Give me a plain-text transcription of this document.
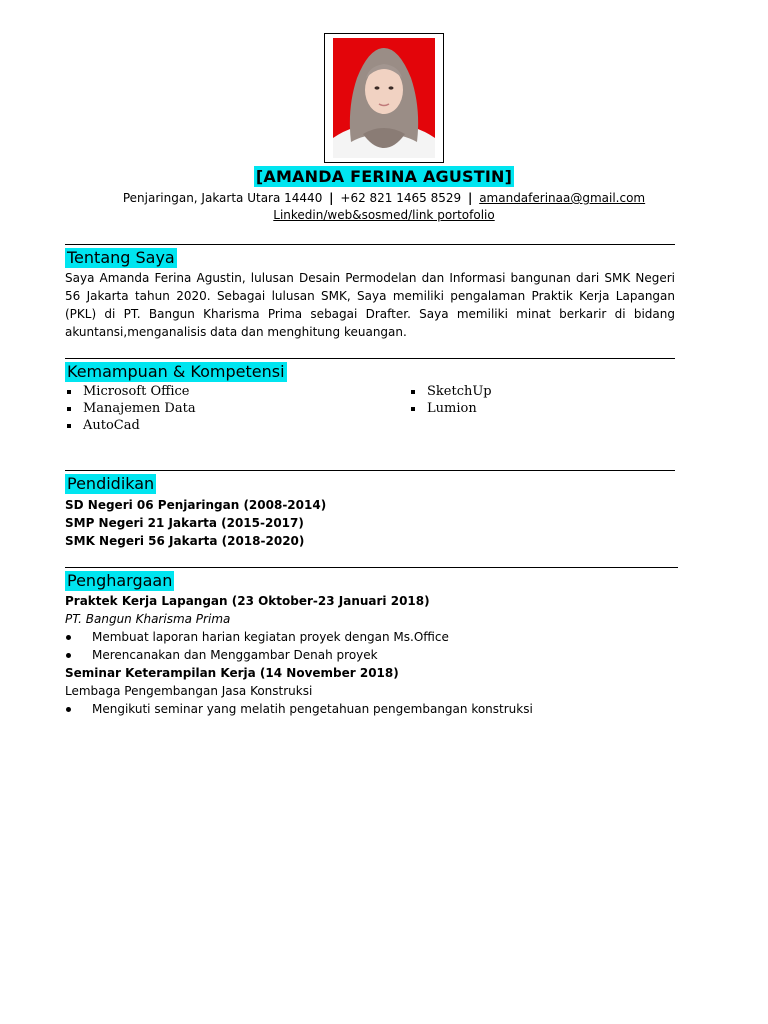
[AMANDA FERINA AGUSTIN]
Penjaringan, Jakarta Utara 14440 | +62 821 1465 8529 | amandaferinaa@gmail.com
Linkedin/web&sosmed/link portofolio
Tentang Saya
Saya Amanda Ferina Agustin, lulusan Desain Permodelan dan Informasi bangunan dari SMK Negeri 56 Jakarta tahun 2020. Sebagai lulusan SMK, Saya memiliki pengalaman Praktik Kerja Lapangan (PKL) di PT. Bangun Kharisma Prima sebagai Drafter. Saya memiliki minat berkarir di bidang akuntansi,menganalisis data dan menghitung keuangan.
Kemampuan & Kompetensi
Microsoft Office
Manajemen Data
AutoCad
SketchUp
Lumion
Pendidikan
SD Negeri 06 Penjaringan (2008-2014)
SMP Negeri 21 Jakarta (2015-2017)
SMK Negeri 56 Jakarta (2018-2020)
Penghargaan
Praktek Kerja Lapangan (23 Oktober-23 Januari 2018)
PT. Bangun Kharisma Prima
Membuat laporan harian kegiatan proyek dengan Ms.Office
Merencanakan dan Menggambar Denah proyek
Seminar Keterampilan Kerja (14 November 2018)
Lembaga Pengembangan Jasa Konstruksi
Mengikuti seminar yang melatih pengetahuan pengembangan konstruksi
